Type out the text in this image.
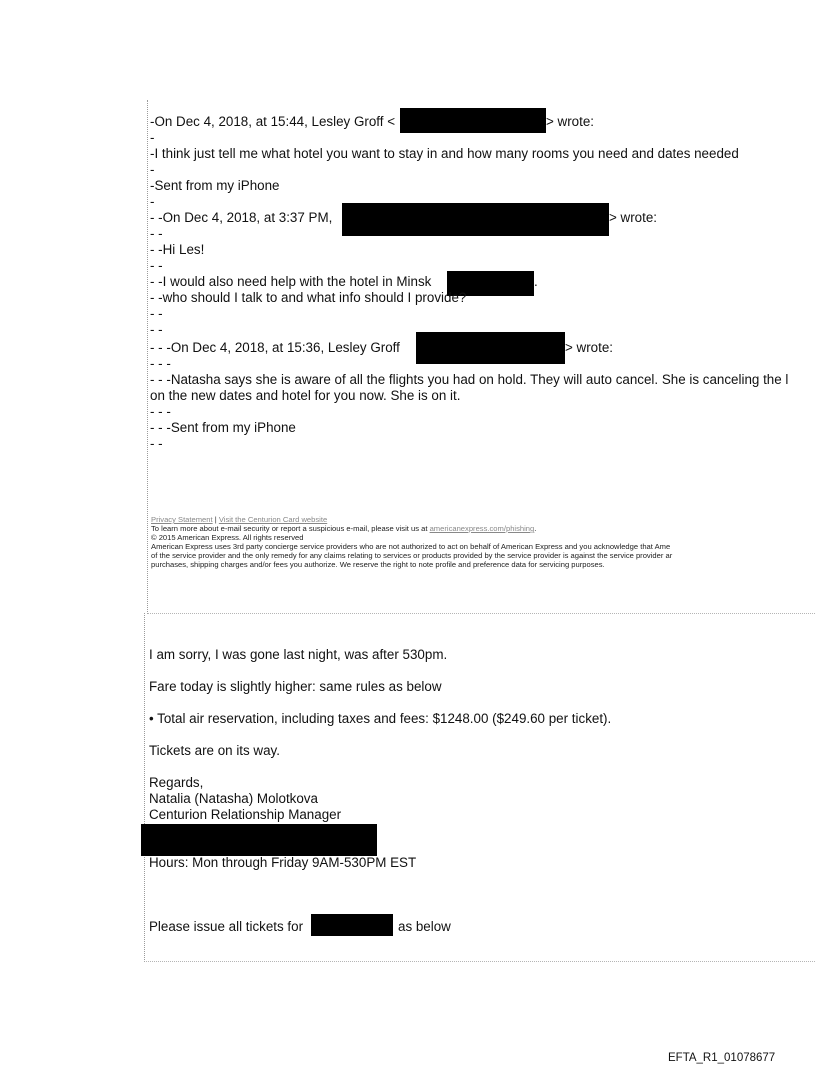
-On Dec 4, 2018, at 15:44, Lesley Groff <	> wrote:
-
-I think just tell me what hotel you want to stay in and how many rooms you need and dates needed
-
-Sent from my iPhone
-
- -On Dec 4, 2018, at 3:37 PM,	> wrote:
- -
- -Hi Les!
- -
- -I would also need help with the hotel in Minsk	.
- -who should I talk to and what info should I provide?
- -
- -
- - -On Dec 4, 2018, at 15:36, Lesley Groff	> wrote:
- - -
- - -Natasha says she is aware of all the flights you had on hold. They will auto cancel. She is canceling the l
on the new dates and hotel for you now. She is on it.
- - -
- - -Sent from my iPhone
- -
Privacy Statement | Visit the Centurion Card website
To learn more about e-mail security or report a suspicious e-mail, please visit us at americanexpress.com/phishing.
© 2015 American Express. All rights reserved
American Express uses 3rd party concierge service providers who are not authorized to act on behalf of American Express and you acknowledge that Ame
of the service provider and the only remedy for any claims relating to services or products provided by the service provider is against the service provider ar
purchases, shipping charges and/or fees you authorize. We reserve the right to note profile and preference data for servicing purposes.
I am sorry, I was gone last night, was after 530pm.
Fare today is slightly higher: same rules as below
• Total air reservation, including taxes and fees: $1248.00 ($249.60 per ticket).
Tickets are on its way.
Regards,
Natalia (Natasha) Molotkova
Centurion Relationship Manager
Hours: Mon through Friday 9AM-530PM EST
Please issue all tickets for	as below
EFTA_R1_01078677
